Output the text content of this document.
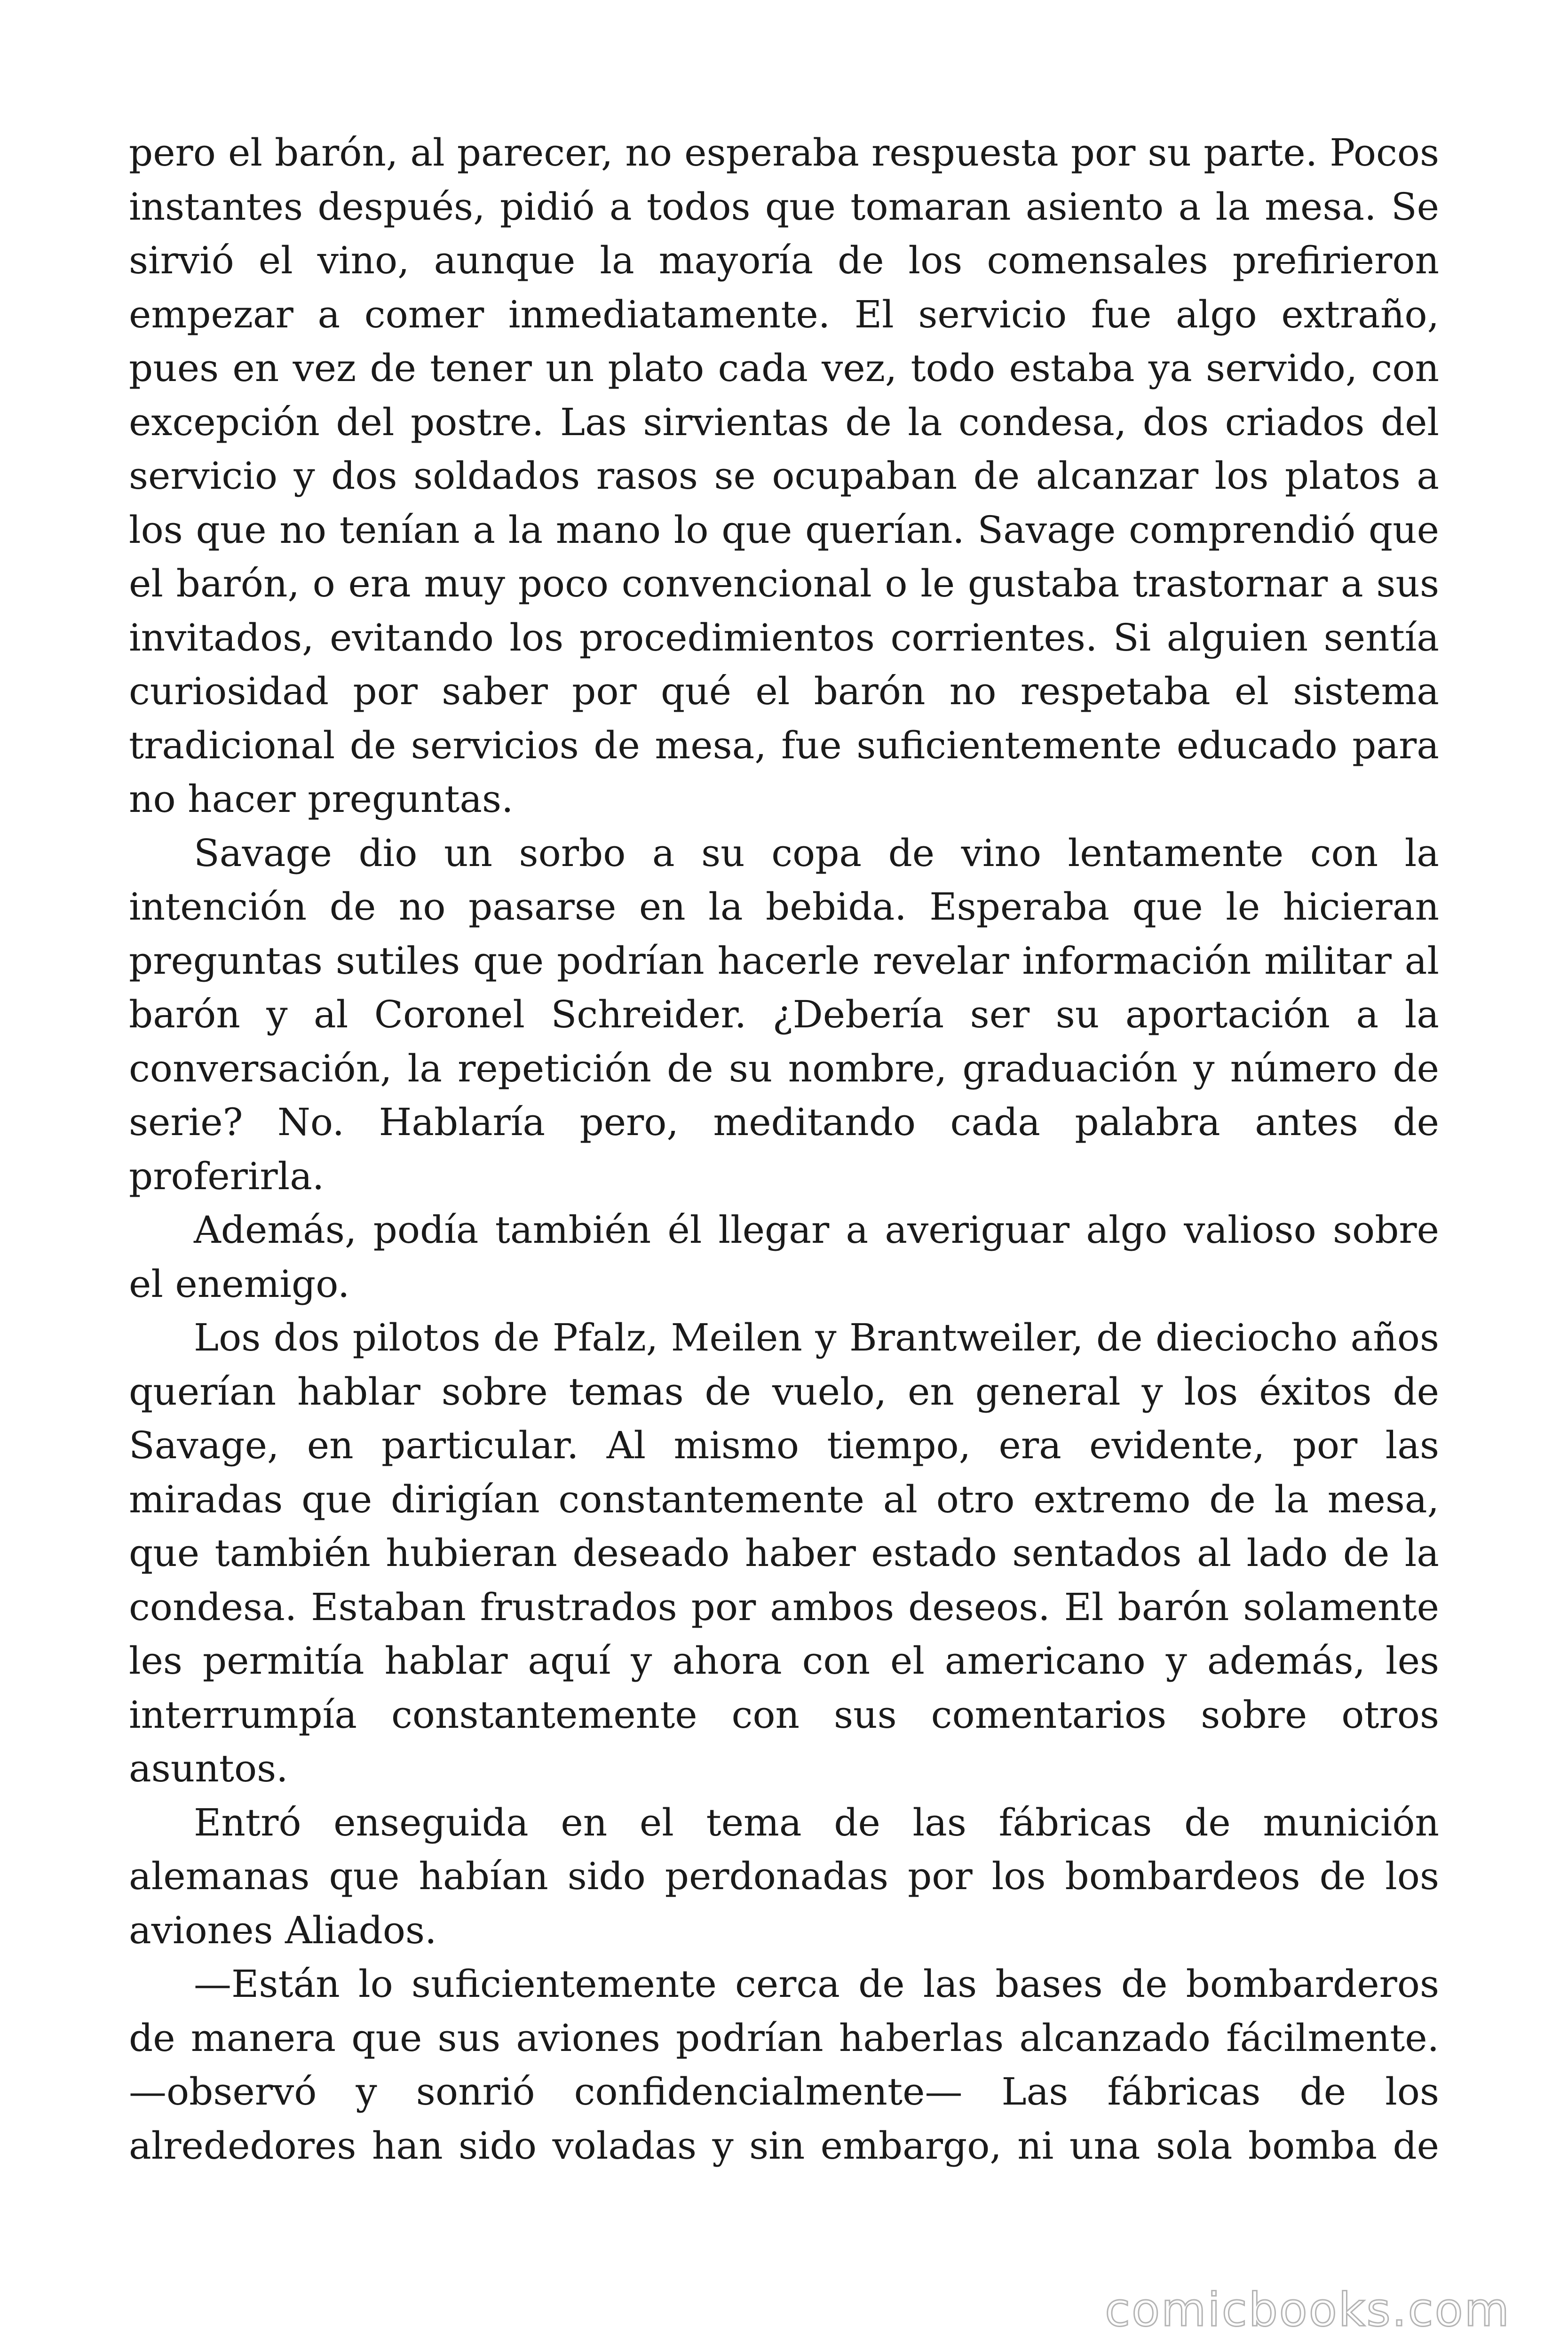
pero el barón, al parecer, no esperaba respuesta por su parte. Pocos instantes después, pidió a todos que tomaran asiento a la mesa. Se sirvió el vino, aunque la mayoría de los comensales prefirieron empezar a comer inmediatamente. El servicio fue algo extraño, pues en vez de tener un plato cada vez, todo estaba ya servido, con excepción del postre. Las sirvientas de la condesa, dos criados del servicio y dos soldados rasos se ocupaban de alcanzar los platos a los que no tenían a la mano lo que querían. Savage comprendió que el barón, o era muy poco convencional o le gustaba trastornar a sus invitados, evitando los procedimientos corrientes. Si alguien sentía curiosidad por saber por qué el barón no respetaba el sistema tradicional de servicios de mesa, fue suficientemente educado para no hacer preguntas.

Savage dio un sorbo a su copa de vino lentamente con la intención de no pasarse en la bebida. Esperaba que le hicieran preguntas sutiles que podrían hacerle revelar información militar al barón y al Coronel Schreider. ¿Debería ser su aportación a la conversación, la repetición de su nombre, graduación y número de serie? No. Hablaría pero, meditando cada palabra antes de proferirla.

Además, podía también él llegar a averiguar algo valioso sobre el enemigo.

Los dos pilotos de Pfalz, Meilen y Brantweiler, de dieciocho años querían hablar sobre temas de vuelo, en general y los éxitos de Savage, en particular. Al mismo tiempo, era evidente, por las miradas que dirigían constantemente al otro extremo de la mesa, que también hubieran deseado haber estado sentados al lado de la condesa. Estaban frustrados por ambos deseos. El barón solamente les permitía hablar aquí y ahora con el americano y además, les interrumpía constantemente con sus comentarios sobre otros asuntos.

Entró enseguida en el tema de las fábricas de munición alemanas que habían sido perdonadas por los bombardeos de los aviones Aliados.

—Están lo suficientemente cerca de las bases de bombarderos de manera que sus aviones podrían haberlas alcanzado fácilmente. —observó y sonrió confidencialmente— Las fábricas de los alrededores han sido voladas y sin embargo, ni una sola bomba de

comicbooks.com
